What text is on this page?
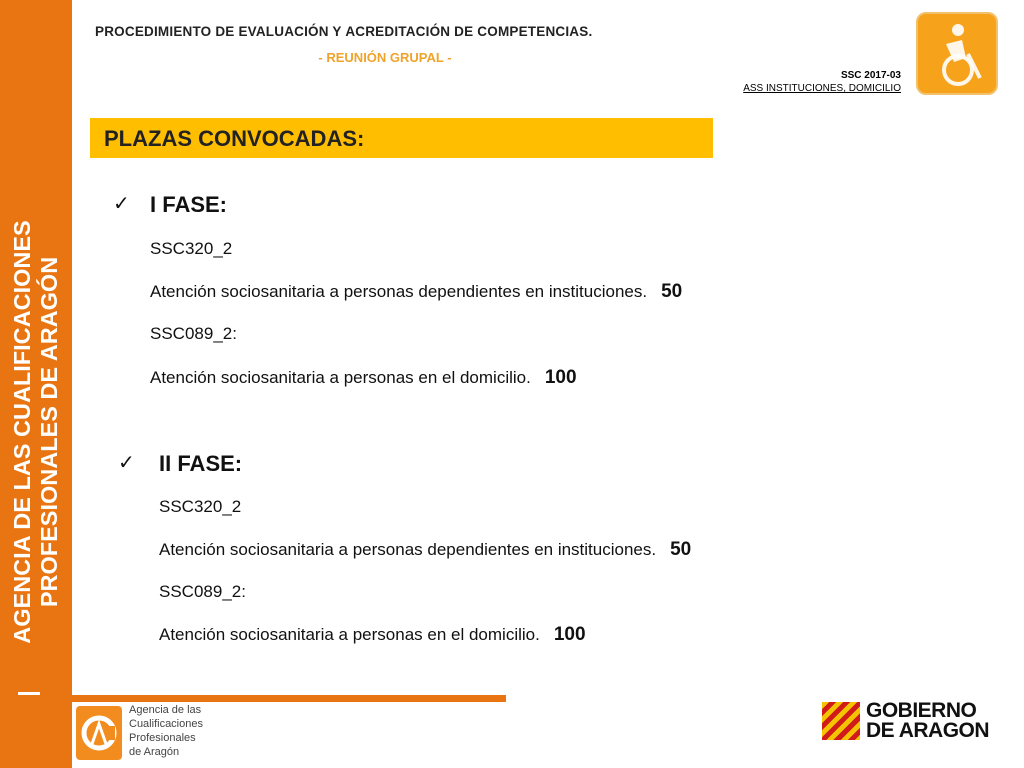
AGENCIA DE LAS CUALIFICACIONES PROFESIONALES DE ARAGÓN
PROCEDIMIENTO DE EVALUACIÓN Y ACREDITACIÓN DE COMPETENCIAS.
- REUNIÓN GRUPAL -
SSC 2017-03
ASS INSTITUCIONES, DOMICILIO
PLAZAS CONVOCADAS:
✓ I FASE:
SSC320_2
Atención sociosanitaria a personas dependientes en instituciones. 50
SSC089_2:
Atención sociosanitaria a personas en el domicilio. 100
✓ II FASE:
SSC320_2
Atención sociosanitaria a personas dependientes en instituciones. 50
SSC089_2:
Atención sociosanitaria a personas en el domicilio. 100
Agencia de las
Cualificaciones
Profesionales
de Aragón
GOBIERNO
DE ARAGON
